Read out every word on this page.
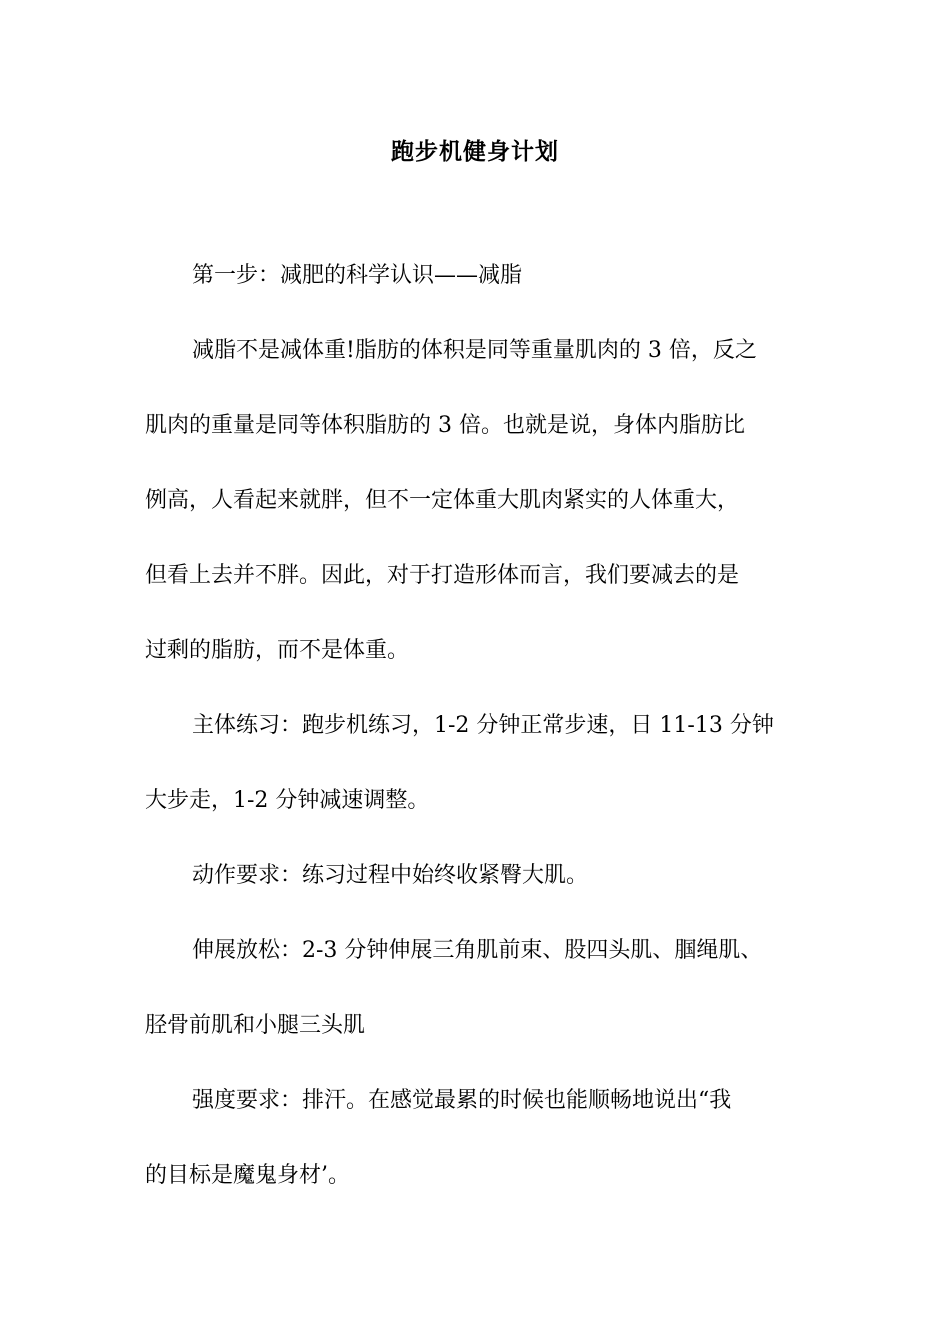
跑步机健身计划
第一步：减肥的科学认识——减脂
减脂不是减体重!脂肪的体积是同等重量肌肉的 3 倍，反之
肌肉的重量是同等体积脂肪的 3 倍。也就是说，身体内脂肪比
例高，人看起来就胖，但不一定体重大肌肉紧实的人体重大，
但看上去并不胖。因此，对于打造形体而言，我们要减去的是
过剩的脂肪，而不是体重。
主体练习：跑步机练习，1-2 分钟正常步速，日 11-13 分钟
大步走，1-2 分钟减速调整。
动作要求：练习过程中始终收紧臀大肌。
伸展放松：2-3 分钟伸展三角肌前束、股四头肌、腘绳肌、
胫骨前肌和小腿三头肌
强度要求：排汗。在感觉最累的时候也能顺畅地说出“我
的目标是魔鬼身材’。
